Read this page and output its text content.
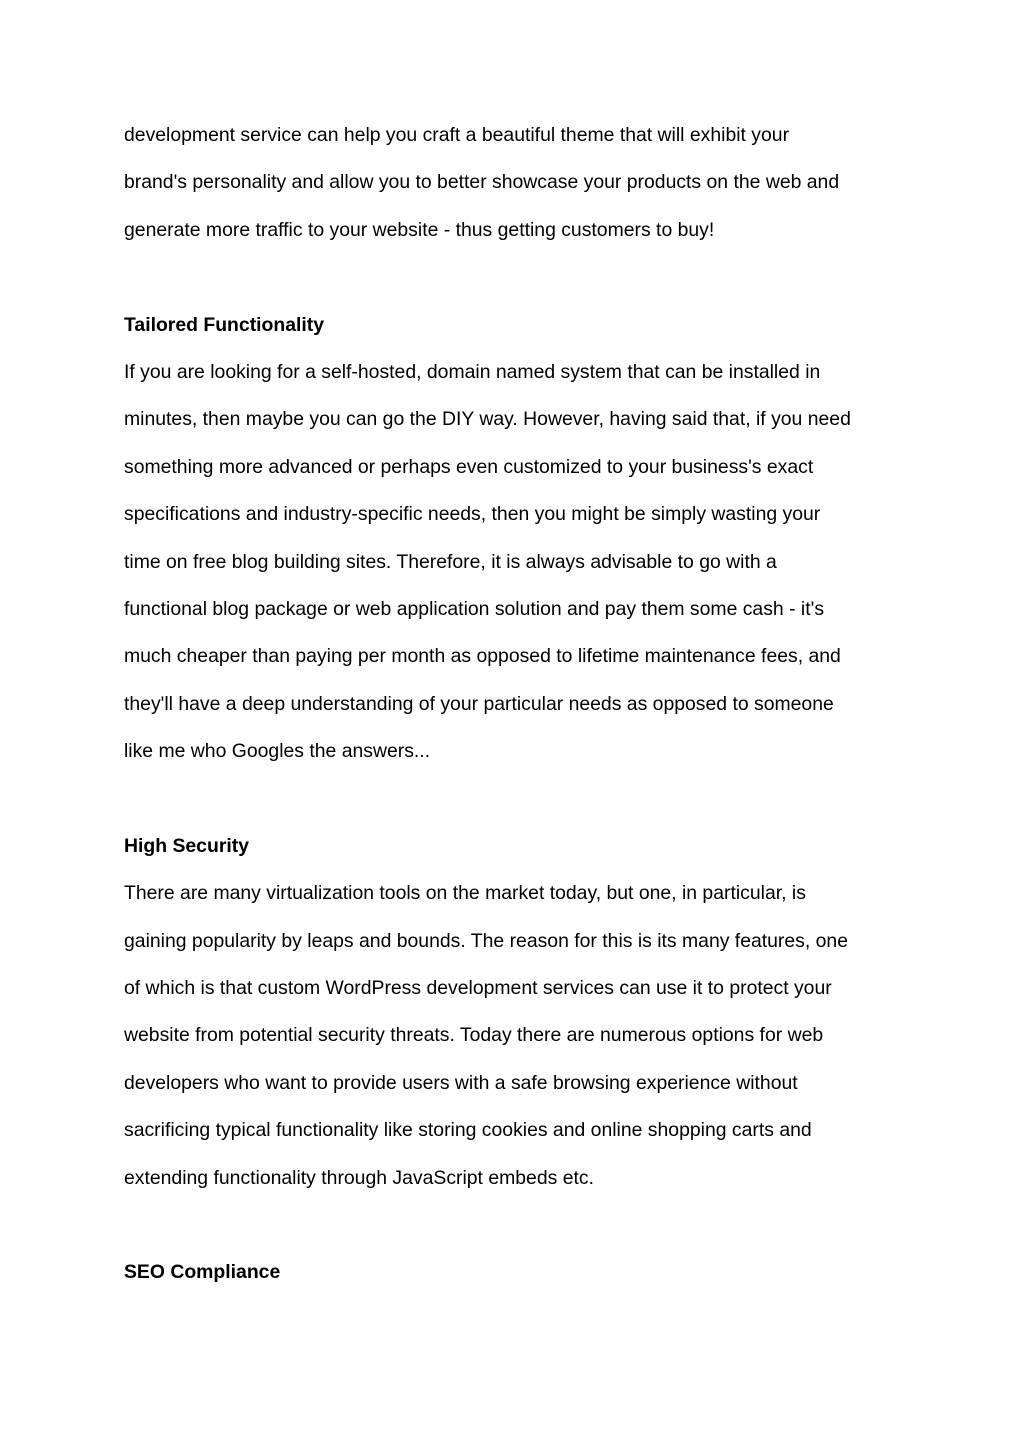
development service can help you craft a beautiful theme that will exhibit your

brand's personality and allow you to better showcase your products on the web and

generate more traffic to your website - thus getting customers to buy!

Tailored Functionality

If you are looking for a self-hosted, domain named system that can be installed in

minutes, then maybe you can go the DIY way. However, having said that, if you need

something more advanced or perhaps even customized to your business's exact

specifications and industry-specific needs, then you might be simply wasting your

time on free blog building sites. Therefore, it is always advisable to go with a

functional blog package or web application solution and pay them some cash - it's

much cheaper than paying per month as opposed to lifetime maintenance fees, and

they'll have a deep understanding of your particular needs as opposed to someone

like me who Googles the answers...

High Security

There are many virtualization tools on the market today, but one, in particular, is

gaining popularity by leaps and bounds. The reason for this is its many features, one

of which is that custom WordPress development services can use it to protect your

website from potential security threats. Today there are numerous options for web

developers who want to provide users with a safe browsing experience without

sacrificing typical functionality like storing cookies and online shopping carts and

extending functionality through JavaScript embeds etc.

SEO Compliance
